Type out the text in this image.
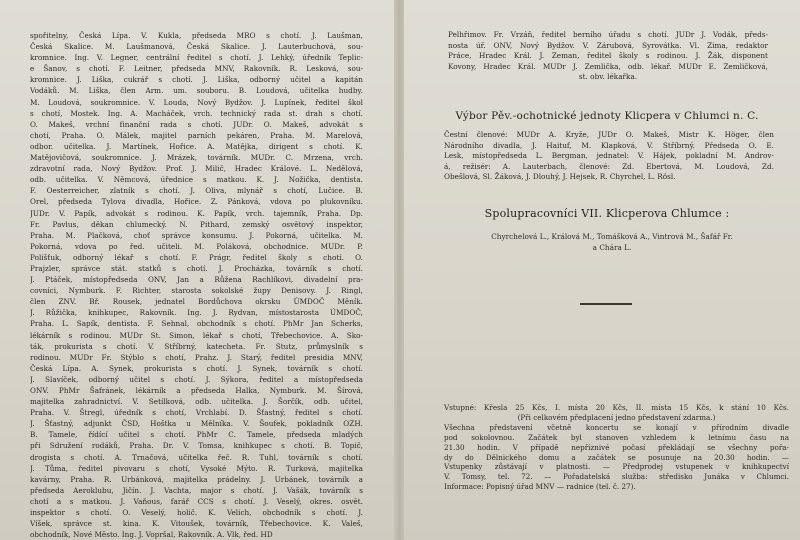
spořitelny, Česká Lípa. V. Kukla, předseda MRO s chotí. J. Laušman,
Česká Skalice. M. Laušmanová, Česká Skalice. J. Lauterbuchová, sou-
kromnice. Ing. V. Legner, centrální ředitel s chotí. J. Lehký, úředník Teplic-
e Šanov, s chotí. F. Leitner, předseda MNV, Rakovník. R. Lesková, sou-
kromnice. J. Liška, cukrář s chotí. J. Liška, odborný učitel a kapitán
Vodáků. M. Liška, člen Arm. um. souboru. B. Loudová, učitelka hudby.
M. Loudová, soukromnice. V. Louda, Nový Bydžov. J. Lupínek, ředitel škol
s chotí, Mostek. Ing. A. Macháček, vrch. technický rada st. drah s chotí.
O. Makeš, vrchní finanční rada s chotí. JUDr. O. Makeš, advokát s
chotí, Praha. O. Málek, majitel parních pekáren, Praha. M. Marelová,
odbor. učitelka. J. Martínek, Hořice. A. Matějka, dirigent s chotí. K.
Matějovičová, soukromnice. J. Mrázek, továrník. MUDr. C. Mrzena, vrch.
zdravotní rada, Nový Bydžov. Prof. J. Milič, Hradec Králové. L. Nedělová,
odb. učitelka. V. Němcová, úřednice s matkou. K. J. Nožička, dentista.
F. Oesterreicher, zlatník s chotí. J. Oliva, mlynář s chotí, Lučice. B.
Orel, předseda Tylova divadla, Hořice. Z. Pánková, vdova po plukovníku.
JUDr. V. Papík, advokát s rodinou. K. Papík, vrch. tajemník, Praha. Dp.
Fr. Pavlus, děkan chlumecký. N. Pithard, zemský osvětový inspektor,
Praha. M. Plačková, choť správce konsumu. J. Pokorná, učitelka. M.
Pokorná, vdova po řed. učiteli. M. Poláková, obchodnice. MUDr. P.
Polišťuk, odborný lékař s chotí. F. Prágr, ředitel školy s chotí. O.
Prajzler, správce stát. statků s chotí. J. Procházka, továrník s chotí.
J. Ptáček, místopředseda ONV, Jan a Růžena Rachlíkovi, divadelní pra-
covníci, Nymburk. F. Richter, starosta sokolské župy Denisovy. J. Ringl,
člen ZNV. Bř. Rousek, jednatel Bordůchova okrsku ÚMDOČ Měník.
J. Růžička, knihkupec, Rakovník. Ing. J. Rydvan, místostarosta ÚMDOČ,
Praha. L. Sapík, dentista. F. Sehnal, obchodník s chotí. PhMr Jan Scherks,
lékárník s rodinou. MUDr St. Simon, lékař s chotí, Třebechovice. A. Sko-
ták, prokurista s chotí. V. Stříbrný, katecheta. Fr. Stutz, průmyslník s
rodinou. MUDr Fr. Stýblo s chotí, Prahz. J. Starý, ředitel presidia MNV,
Česká Lípa. A. Synek, prokurista s chotí. J. Synek, továrník s chotí.
J. Slavíček, odborný učitel s chotí. J. Sýkora, ředitel a místopředseda
ONV. PhMr Šafránek, lékárník a předseda Halka, Nymburk. M. Šírová,
majitelka zahradnictví. V. Setílková, odb. učitelka. J. Šorčík, odb. učitel,
Praha. V. Štregl, úředník s chotí, Vrchlabí. D. Šťastný, ředitel s chotí.
J. Šťastný, adjunkt ČSD, Hoštka u Mělníka. V. Šoufek, pokladník OZH.
B. Tamele, řídící učitel s chotí. PhMr C. Tamele, předseda mladých
při Sdružení rodáků, Praha. Dr. V. Tomsa, knihkupec s chotí. B. Topič,
drogista s chotí. A. Trnačová, učitelka řeč. R. Tuhl, továrník s chotí.
J. Tůma, ředitel pivovaru s chotí, Vysoké Mýto. R. Turková, majitelka
kavárny, Praha. R. Urbánková, majitelka prádelny. J. Urbánek, továrník a
předseda Aeroklubu, Jičín. J. Vachta, major s chotí. J. Vašák, továrník s
chotí a s matkou. J. Vaňous, farář CCS s chotí. J. Veselý, okres. osvět.
inspektor s chotí. O. Veselý, holič. K. Velich, obchodník s chotí. J.
Víšek, správce st. kina. K. Vitoušek, továrník, Třebechovice. K. Valeš,
obchodník, Nové Město. Ing. J. Vopršal, Rakovník. A. Vlk, řed. HD
Pelhřimov. Fr. Vrzáň, ředitel berního úřadu s chotí. JUDr J. Vodák, předs-
nosta úř. ONV, Nový Bydžov. V. Zárubová, Syrovátka. Vl. Zima, redaktor
Práce, Hradec Král. J. Zeman, ředitel školy s rodinou. J. Žák, disponent
Kovony, Hradec Král. MUDr J. Zemlička, odb. lékař. MUDr E. Zemličková,
st. obv. lékařka.
Výbor Pěv.-ochotnické jednoty Klicpera v Chlumci n. C.
Čestní členové: MUDr A. Kryže, JUDr O. Makeš, Mistr K. Höger, člen
Národního divadla, J. Haituf, M. Klapková, V. Stříbrný. Předseda O. E.
Lesk, místopředseda L. Bergman, jednatel: V. Hájek, pokladní M. Androv-
á, režisér: A. Lauterbach, členové: Zd. Ebertová, M. Loudová, Zd.
Obešlová, Sl. Žáková, J. Dlouhý, J. Hejsek, R. Chyrchel, L. Rösl.
Spolupracovníci VII. Klicperova Chlumce :
Chyrchelová L., Králová M., Tomášková A., Vintrová M., Šafář Fr.
a Chára L.
Vstupné: Křesla 25 Kčs, I. místa 20 Kčs, II. místa 15 Kčs, k stání 10 Kčs.
(Při celkovém předplacení jedno představení zdarma.)
Všechna představení včetně koncertu se konají v přírodním divadle
pod sokolovnou. Začátek byl stanoven vzhledem k letnímu času na
21.30 hodin. V případě nepříznivé počasí překládají se všechny pořa-
dy do Dělnického domu a začátek se posunuje na 20.30 hodin. —
Vstupenky zůstávají v platnosti. — Předprodej vstupenek v knihkupectví
V. Tomsy, tel. 72. — Pořadatelská služba: středisko Junáka v Chlumci.
Informace: Popisný úřad MNV — radnice (tel. č. 27).
